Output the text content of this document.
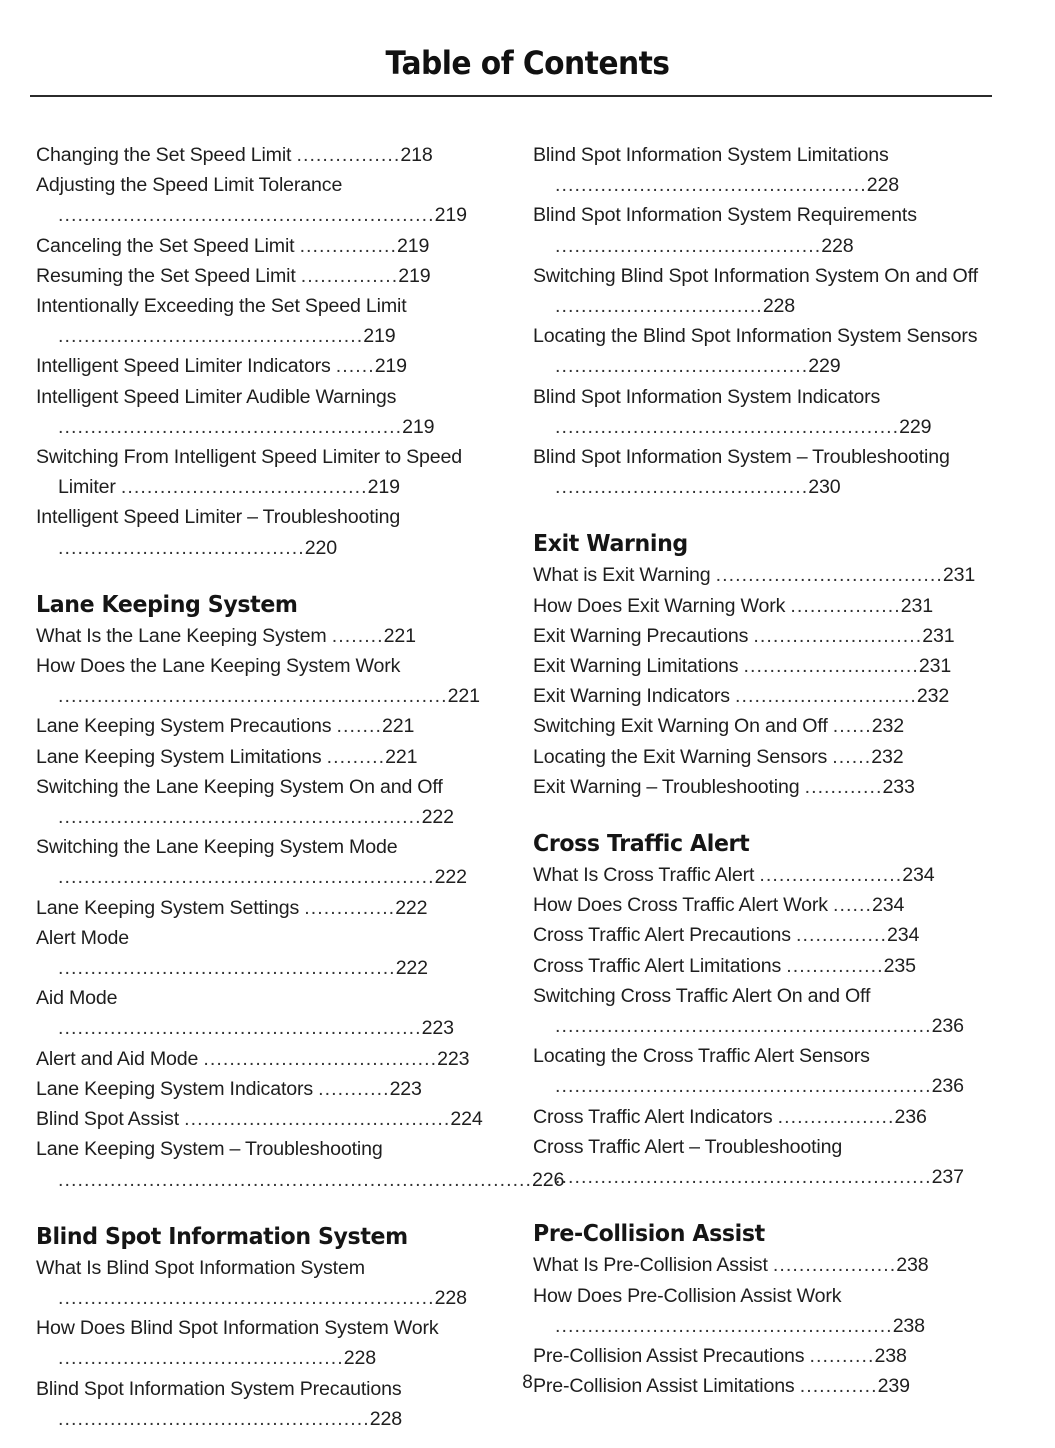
Table of Contents
Changing the Set Speed Limit ................218
Adjusting the Speed Limit Tolerance
..........................................................219
Canceling the Set Speed Limit ...............219
Resuming the Set Speed Limit ...............219
Intentionally Exceeding the Set Speed Limit ...............................................219
Intelligent Speed Limiter Indicators ......219
Intelligent Speed Limiter Audible Warnings .....................................................219
Switching From Intelligent Speed Limiter to Speed Limiter ......................................219
Intelligent Speed Limiter – Troubleshooting ......................................220
Lane Keeping System
What Is the Lane Keeping System ........221
How Does the Lane Keeping System Work ............................................................221
Lane Keeping System Precautions .......221
Lane Keeping System Limitations .........221
Switching the Lane Keeping System On and Off ........................................................222
Switching the Lane Keeping System Mode ..........................................................222
Lane Keeping System Settings ..............222
Alert Mode ....................................................222
Aid Mode ........................................................223
Alert and Aid Mode ....................................223
Lane Keeping System Indicators ...........223
Blind Spot Assist .........................................224
Lane Keeping System – Troubleshooting
.........................................................................226
Blind Spot Information System
What Is Blind Spot Information System
..........................................................228
How Does Blind Spot Information System Work ............................................228
Blind Spot Information System Precautions ................................................228
Blind Spot Information System Limitations ................................................228
Blind Spot Information System Requirements .........................................228
Switching Blind Spot Information System On and Off ................................228
Locating the Blind Spot Information System Sensors .......................................229
Blind Spot Information System Indicators .....................................................229
Blind Spot Information System – Troubleshooting .......................................230
Exit Warning
What is Exit Warning ...................................231
How Does Exit Warning Work .................231
Exit Warning Precautions ..........................231
Exit Warning Limitations ...........................231
Exit Warning Indicators ............................232
Switching Exit Warning On and Off ......232
Locating the Exit Warning Sensors ......232
Exit Warning – Troubleshooting ............233
Cross Traffic Alert
What Is Cross Traffic Alert ......................234
How Does Cross Traffic Alert Work ......234
Cross Traffic Alert Precautions ..............234
Cross Traffic Alert Limitations ...............235
Switching Cross Traffic Alert On and Off
..........................................................236
Locating the Cross Traffic Alert Sensors
..........................................................236
Cross Traffic Alert Indicators ..................236
Cross Traffic Alert – Troubleshooting
..........................................................237
Pre-Collision Assist
What Is Pre-Collision Assist ...................238
How Does Pre-Collision Assist Work
....................................................238
Pre-Collision Assist Precautions ..........238
Pre-Collision Assist Limitations ............239
8
